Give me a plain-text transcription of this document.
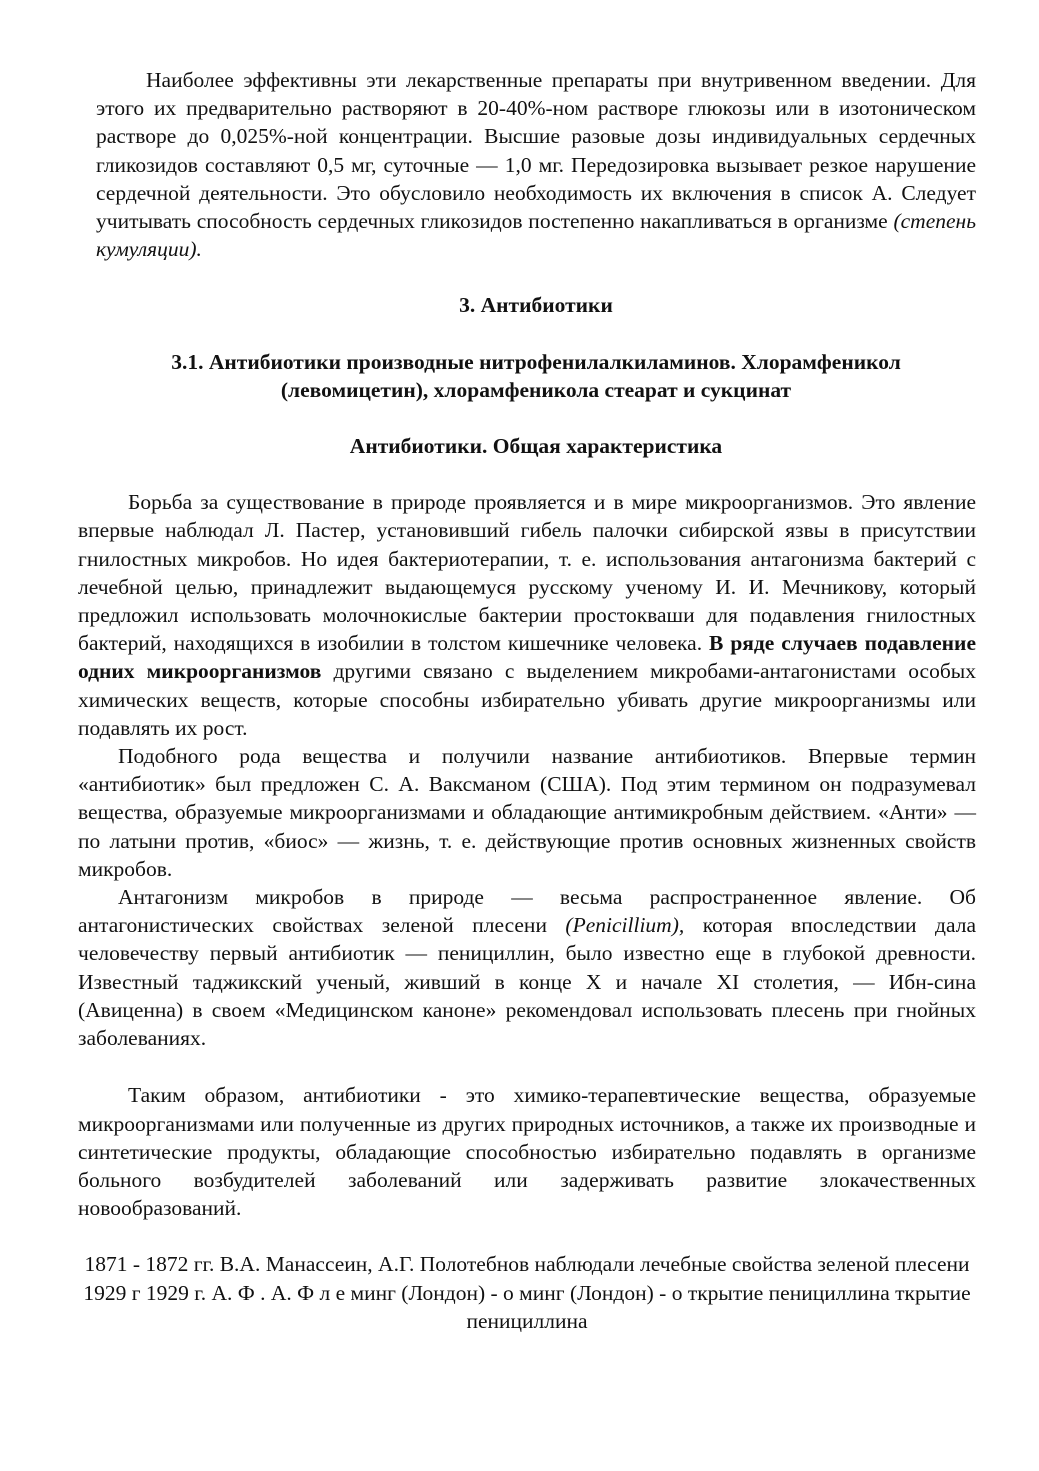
Наиболее эффективны эти лекарственные препараты при внутривенном введении. Для этого их предварительно растворяют в 20-40%-ном растворе глюкозы или в изотоническом растворе до 0,025%-ной концентрации. Высшие разовые дозы индивидуальных сердечных гликозидов составляют 0,5 мг, суточные — 1,0 мг. Передозировка вызывает резкое нарушение сердечной деятельности. Это обусловило необходимость их включения в список А. Следует учитывать способность сердечных гликозидов постепенно накапливаться в организме (степень кумуляции).

3. Антибиотики
3.1. Антибиотики производные нитрофенилалкиламинов. Хлорамфеникол (левомицетин), хлорамфеникола стеарат и сукцинат
Антибиотики. Общая характеристика

Борьба за существование в природе проявляется и в мире микроорганизмов. Это явление впервые наблюдал Л. Пастер, установивший гибель палочки сибирской язвы в присутствии гнилостных микробов. Но идея бактериотерапии, т. е. использования антагонизма бактерий с лечебной целью, принадлежит выдающемуся русскому ученому И. И. Мечникову, который предложил использовать молочнокислые бактерии простокваши для подавления гнилостных бактерий, находящихся в изобилии в толстом кишечнике человека. В ряде случаев подавление одних микроорганизмов другими связано с выделением микробами-антагонистами особых химических веществ, которые способны избирательно убивать другие микроорганизмы или подавлять их рост.

Подобного рода вещества и получили название антибиотиков. Впервые термин «антибиотик» был предложен С. А. Ваксманом (США). Под этим термином он подразумевал вещества, образуемые микроорганизмами и обладающие антимикробным действием. «Анти» — по латыни против, «биос» — жизнь, т. е. действующие против основных жизненных свойств микробов.

Антагонизм микробов в природе — весьма распространенное явление. Об антагонистических свойствах зеленой плесени (Penicillium), которая впоследствии дала человечеству первый антибиотик — пенициллин, было известно еще в глубокой древности. Известный таджикский ученый, живший в конце X и начале XI столетия, — Ибн-сина (Авиценна) в своем «Медицинском каноне» рекомендовал использовать плесень при гнойных заболеваниях.

Таким образом, антибиотики - это химико-терапевтические вещества, образуемые микроорганизмами или полученные из других природных источников, а также их производные и синтетические продукты, обладающие способностью избирательно подавлять в организме больного возбудителей заболеваний или задерживать развитие злокачественных новообразований.

1871 - 1872 гг. В.А. Манассеин, А.Г. Полотебнов наблюдали лечебные свойства зеленой плесени 1929 г 1929 г. А. Ф . А. Ф л е минг (Лондон) - о минг (Лондон) - о ткрытие пенициллина ткрытие пенициллина
